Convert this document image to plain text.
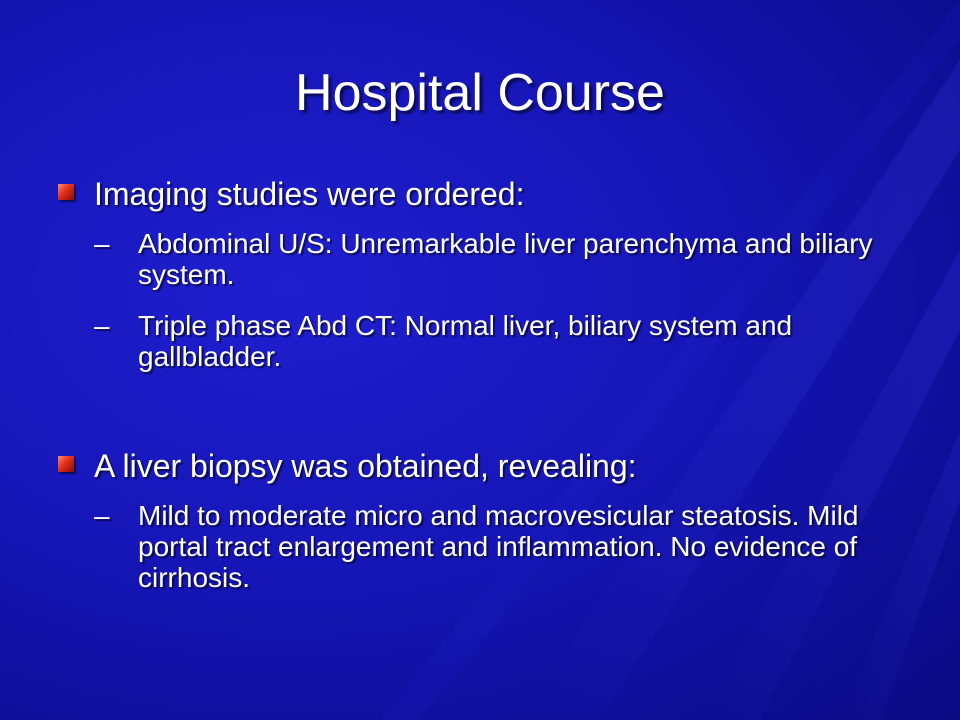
Hospital Course
Imaging studies were ordered:
– Abdominal U/S: Unremarkable liver parenchyma and biliary system.
– Triple phase Abd CT: Normal liver, biliary system and gallbladder.
A liver biopsy was obtained, revealing:
– Mild to moderate micro and macrovesicular steatosis. Mild portal tract enlargement and inflammation. No evidence of cirrhosis.
